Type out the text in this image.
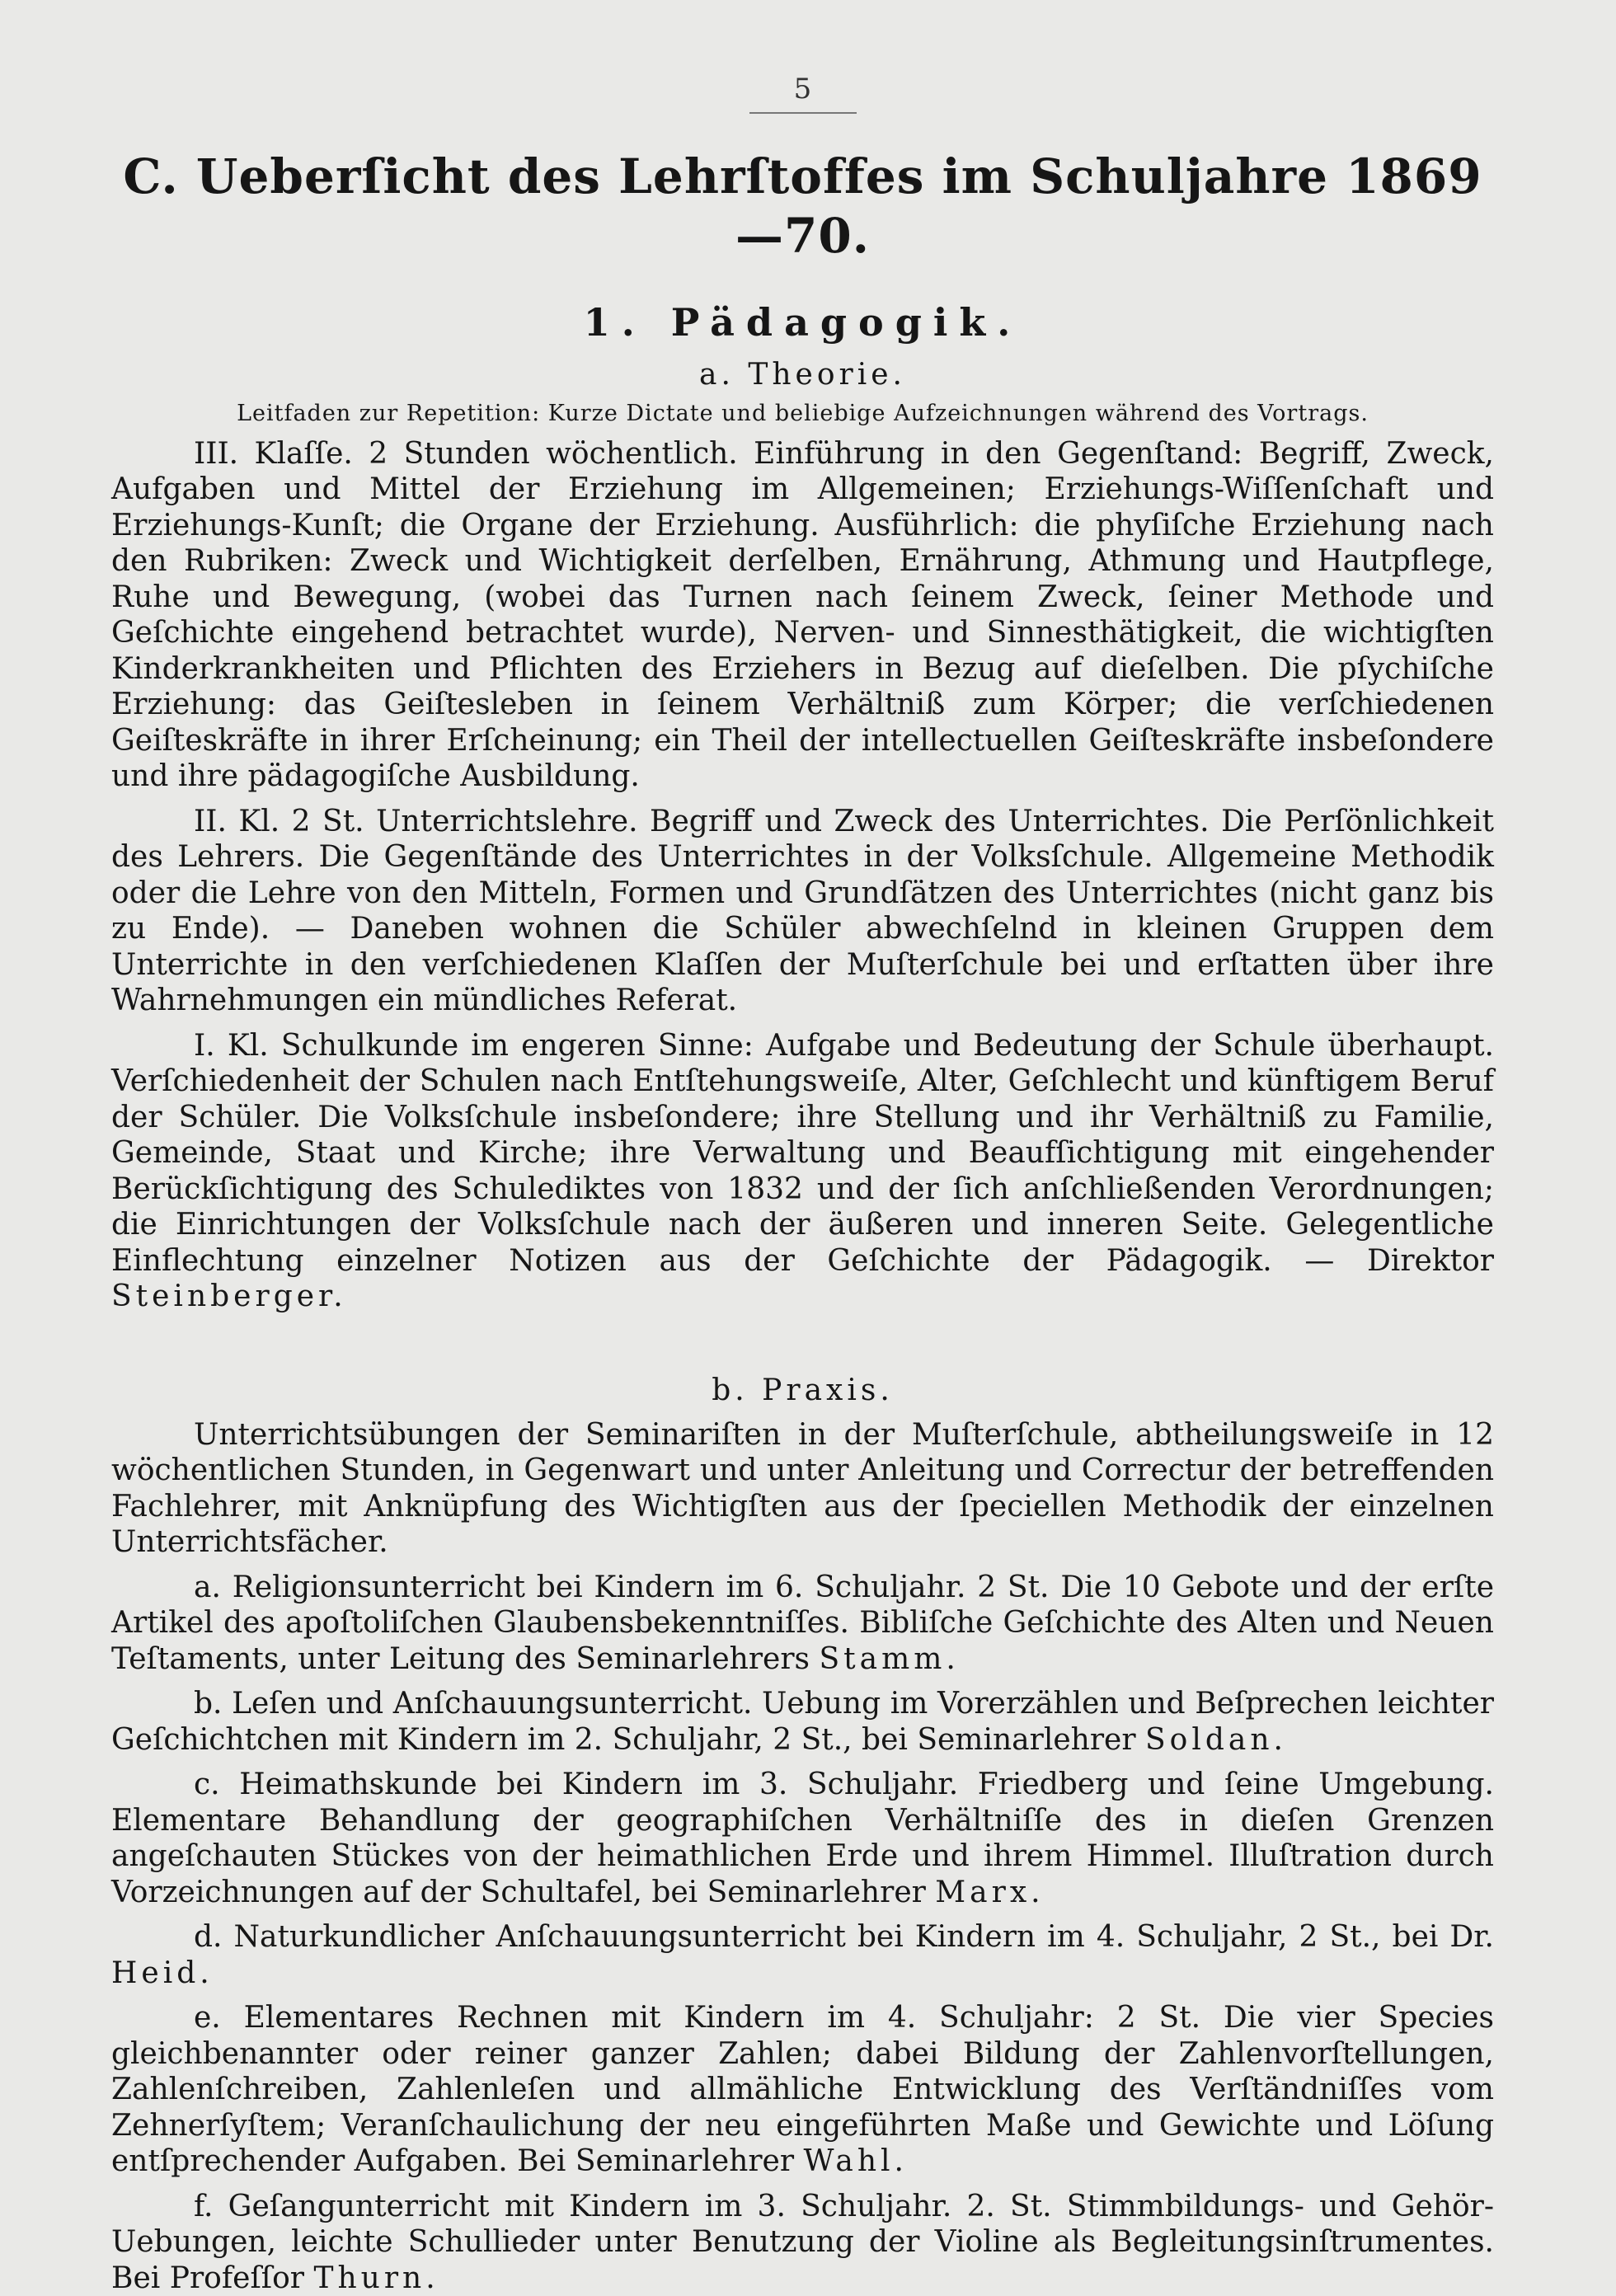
5
C. Ueberſicht des Lehrſtoffes im Schuljahre 1869—70.
1. Pädagogik.
a. Theorie.
Leitfaden zur Repetition: Kurze Dictate und beliebige Aufzeichnungen während des Vortrags.

III. Klaſſe. 2 Stunden wöchentlich. Einführung in den Gegenſtand: Begriff, Zweck, Aufgaben und Mittel der Erziehung im Allgemeinen; Erziehungs-Wiſſenſchaft und Erziehungs-Kunſt; die Organe der Erziehung. Ausführlich: die phyſiſche Erziehung nach den Rubriken: Zweck und Wichtigkeit derſelben, Ernährung, Athmung und Hautpflege, Ruhe und Bewegung, (wobei das Turnen nach ſeinem Zweck, ſeiner Methode und Geſchichte eingehend betrachtet wurde), Nerven- und Sinnesthätigkeit, die wichtigſten Kinderkrankheiten und Pflichten des Erziehers in Bezug auf dieſelben. Die pſychiſche Erziehung: das Geiſtesleben in ſeinem Verhältniß zum Körper; die verſchiedenen Geiſteskräfte in ihrer Erſcheinung; ein Theil der intellectuellen Geiſteskräfte insbeſondere und ihre pädagogiſche Ausbildung.

II. Kl. 2 St. Unterrichtslehre. Begriff und Zweck des Unterrichtes. Die Perſönlichkeit des Lehrers. Die Gegenſtände des Unterrichtes in der Volksſchule. Allgemeine Methodik oder die Lehre von den Mitteln, Formen und Grundſätzen des Unterrichtes (nicht ganz bis zu Ende). — Daneben wohnen die Schüler abwechſelnd in kleinen Gruppen dem Unterrichte in den verſchiedenen Klaſſen der Muſterſchule bei und erſtatten über ihre Wahrnehmungen ein mündliches Referat.

I. Kl. Schulkunde im engeren Sinne: Aufgabe und Bedeutung der Schule überhaupt. Verſchiedenheit der Schulen nach Entſtehungsweiſe, Alter, Geſchlecht und künftigem Beruf der Schüler. Die Volksſchule insbeſondere; ihre Stellung und ihr Verhältniß zu Familie, Gemeinde, Staat und Kirche; ihre Verwaltung und Beaufſichtigung mit eingehender Berückſichtigung des Schulediktes von 1832 und der ſich anſchließenden Verordnungen; die Einrichtungen der Volksſchule nach der äußeren und inneren Seite. Gelegentliche Einflechtung einzelner Notizen aus der Geſchichte der Pädagogik. — Direktor Steinberger.

b. Praxis.

Unterrichtsübungen der Seminariſten in der Muſterſchule, abtheilungsweiſe in 12 wöchentlichen Stunden, in Gegenwart und unter Anleitung und Correctur der betreffenden Fachlehrer, mit Anknüpfung des Wichtigſten aus der ſpeciellen Methodik der einzelnen Unterrichtsfächer.

a. Religionsunterricht bei Kindern im 6. Schuljahr. 2 St. Die 10 Gebote und der erſte Artikel des apoſtoliſchen Glaubensbekenntniſſes. Bibliſche Geſchichte des Alten und Neuen Teſtaments, unter Leitung des Seminarlehrers Stamm.

b. Leſen und Anſchauungsunterricht. Uebung im Vorerzählen und Beſprechen leichter Geſchichtchen mit Kindern im 2. Schuljahr, 2 St., bei Seminarlehrer Soldan.

c. Heimathskunde bei Kindern im 3. Schuljahr. Friedberg und ſeine Umgebung. Elementare Behandlung der geographiſchen Verhältniſſe des in dieſen Grenzen angeſchauten Stückes von der heimathlichen Erde und ihrem Himmel. Illuſtration durch Vorzeichnungen auf der Schultafel, bei Seminarlehrer Marx.

d. Naturkundlicher Anſchauungsunterricht bei Kindern im 4. Schuljahr, 2 St., bei Dr. Heid.

e. Elementares Rechnen mit Kindern im 4. Schuljahr: 2 St. Die vier Species gleichbenannter oder reiner ganzer Zahlen; dabei Bildung der Zahlenvorſtellungen, Zahlenſchreiben, Zahlenleſen und allmähliche Entwicklung des Verſtändniſſes vom Zehnerſyſtem; Veranſchaulichung der neu eingeführten Maße und Gewichte und Löſung entſprechender Aufgaben. Bei Seminarlehrer Wahl.

f. Geſangunterricht mit Kindern im 3. Schuljahr. 2. St. Stimmbildungs- und Gehör-Uebungen, leichte Schullieder unter Benutzung der Violine als Begleitungsinſtrumentes. Bei Profeſſor Thurn.
